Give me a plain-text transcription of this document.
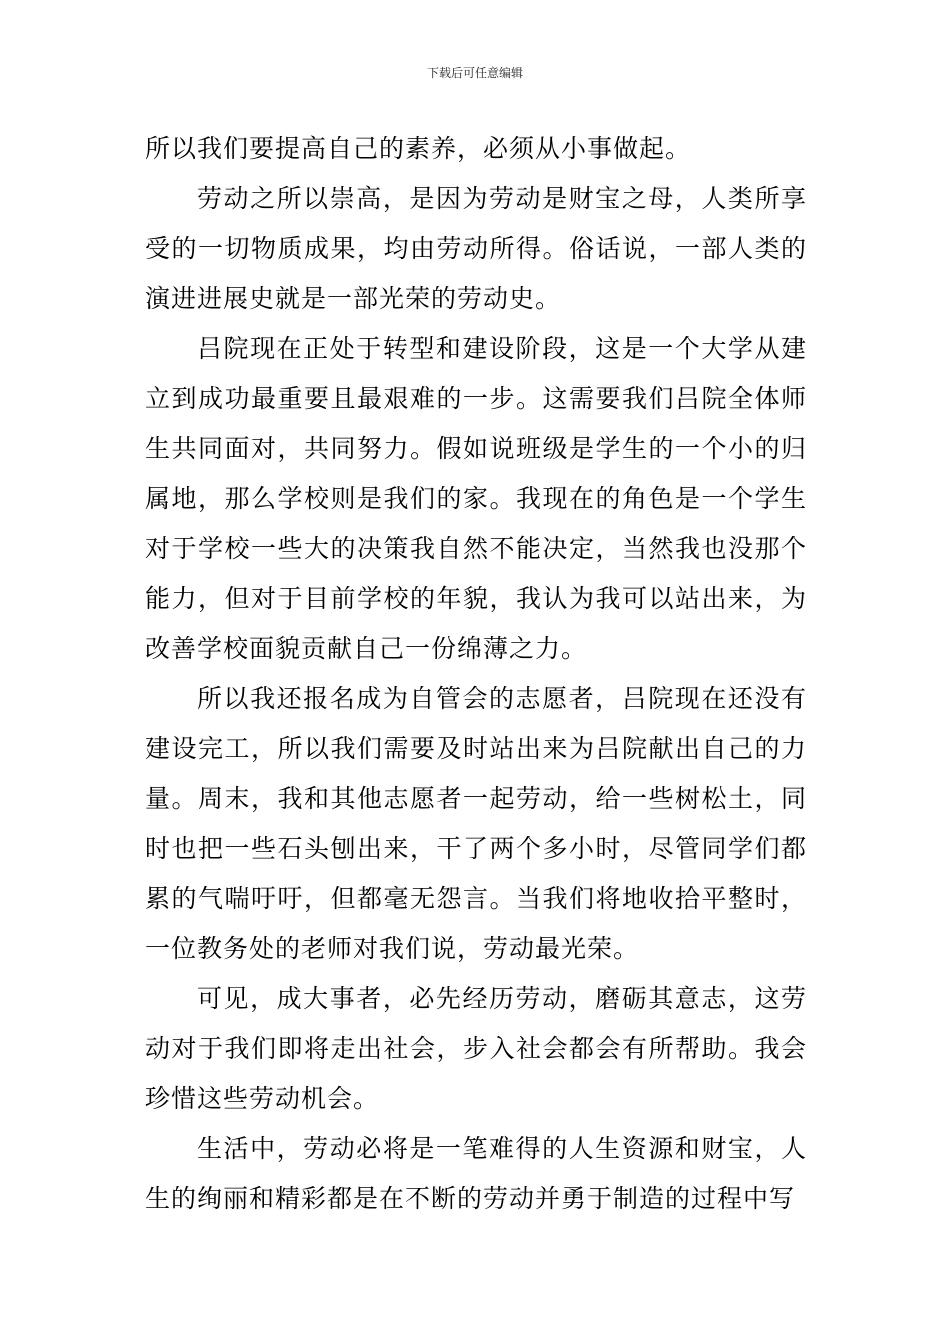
下载后可任意编辑

所以我们要提高自己的素养，必须从小事做起。

劳动之所以崇高，是因为劳动是财宝之母，人类所享受的一切物质成果，均由劳动所得。俗话说，一部人类的演进进展史就是一部光荣的劳动史。

吕院现在正处于转型和建设阶段，这是一个大学从建立到成功最重要且最艰难的一步。这需要我们吕院全体师生共同面对，共同努力。假如说班级是学生的一个小的归属地，那么学校则是我们的家。我现在的角色是一个学生对于学校一些大的决策我自然不能决定，当然我也没那个能力，但对于目前学校的年貌，我认为我可以站出来，为改善学校面貌贡献自己一份绵薄之力。

所以我还报名成为自管会的志愿者，吕院现在还没有建设完工，所以我们需要及时站出来为吕院献出自己的力量。周末，我和其他志愿者一起劳动，给一些树松土，同时也把一些石头刨出来，干了两个多小时，尽管同学们都累的气喘吁吁，但都毫无怨言。当我们将地收拾平整时，一位教务处的老师对我们说，劳动最光荣。

可见，成大事者，必先经历劳动，磨砺其意志，这劳动对于我们即将走出社会，步入社会都会有所帮助。我会珍惜这些劳动机会。

生活中，劳动必将是一笔难得的人生资源和财宝，人生的绚丽和精彩都是在不断的劳动并勇于制造的过程中写
